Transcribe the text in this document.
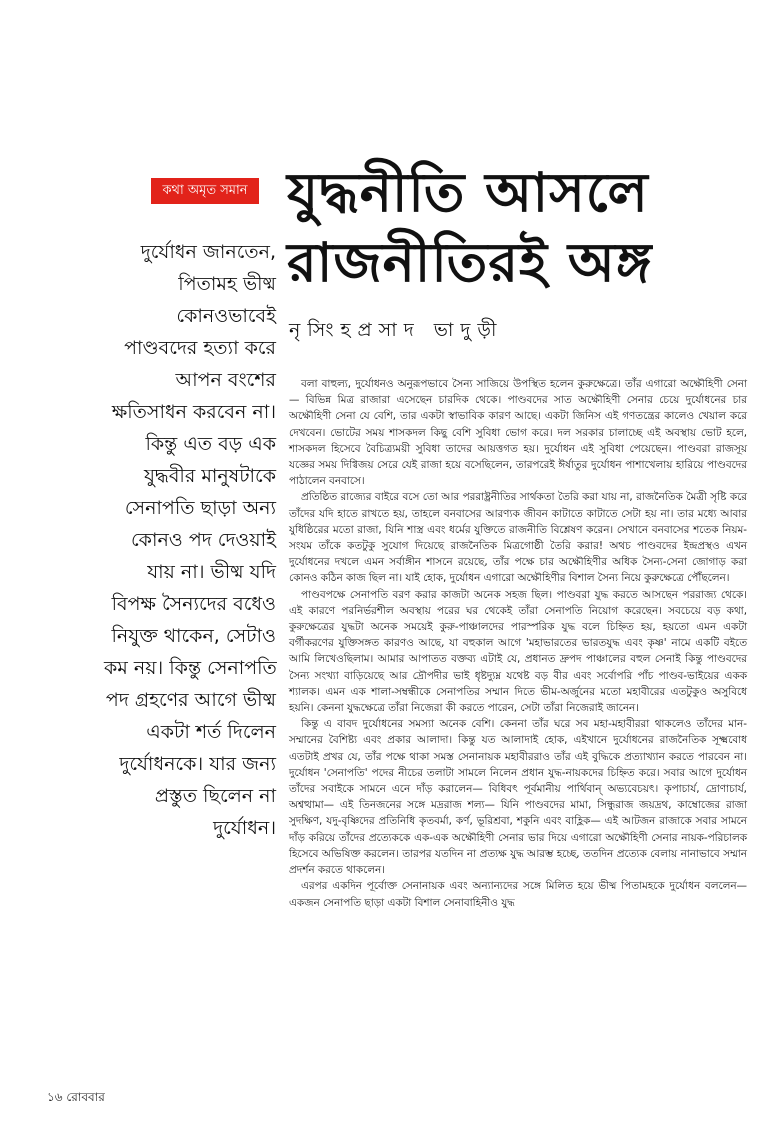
কথা অমৃত সমান যুদ্ধনীতি আসলে
রাজনীতিরই অঙ্গ
নৃসিংহপ্রসাদ ভাদুড়ী
দুর্যোধন জানতেন,
পিতামহ ভীষ্ম
কোনওভাবেই
পাণ্ডবদের হত্যা করে
আপন বংশের
ক্ষতিসাধন করবেন না।
কিন্তু এত বড় এক
যুদ্ধবীর মানুষটাকে
সেনাপতি ছাড়া অন্য
কোনও পদ দেওয়াই
যায় না। ভীষ্ম যদি
বিপক্ষ সৈন্যদের বধেও
নিযুক্ত থাকেন, সেটাও
কম নয়। কিন্তু সেনাপতি
পদ গ্রহণের আগে ভীষ্ম
একটা শর্ত দিলেন
দুর্যোধনকে। যার জন্য
প্রস্তুত ছিলেন না
দুর্যোধন।

বলা বাহুল্য, দুর্যোধনও অনুরূপভাবে সৈন্য সাজিয়ে উপস্থিত হলেন কুরুক্ষেত্রে। তাঁর এগারো অক্ষৌহিণী সেনা— বিভিন্ন মিত্র রাজারা এসেছেন চারদিক থেকে। পাণ্ডবদের সাত অক্ষৌহিণী সেনার চেয়ে দুর্যোধনের চার অক্ষৌহিণী সেনা যে বেশি, তার একটা স্বাভাবিক কারণ আছে। একটা জিনিস এই গণতন্ত্রের কালেও খেয়াল করে দেখবেন। ভোটের সময় শাসকদল কিছু বেশি সুবিধা ভোগ করে। দল সরকার চালাচ্ছে এই অবস্থায় ভোট হলে, শাসকদল হিসেবে বৈচিত্র্যময়ী সুবিধা তাদের আয়ত্তগত হয়। দুর্যোধন এই সুবিধা পেয়েছেন। পাণ্ডবরা রাজসূয় যজ্ঞের সময় দিগ্বিজয় সেরে যেই রাজা হয়ে বসেছিলেন, তারপরেই ঈর্ষাতুর দুর্যোধন পাশাখেলায় হারিয়ে পাণ্ডবদের পাঠালেন বনবাসে।

প্রতিষ্ঠিত রাজ্যের বাইরে বসে তো আর পররাষ্ট্রনীতির সার্থকতা তৈরি করা যায় না, রাজনৈতিক মৈত্রী সৃষ্টি করে তাঁদের যদি হাতে রাখতে হয়, তাহলে বনবাসের আরণ্যক জীবন কাটাতে কাটাতে সেটা হয় না। তার মধ্যে আবার যুধিষ্ঠিরের মতো রাজা, যিনি শাস্ত্র এবং ধর্মের যুক্তিতে রাজনীতি বিশ্লেষণ করেন। সেখানে বনবাসের শতেক নিয়ম-সংযম তাঁকে কতটুকু সুযোগ দিয়েছে রাজনৈতিক মিত্রগোষ্ঠী তৈরি করার! অথচ পাণ্ডবদের ইন্দ্রপ্রস্থও এখন দুর্যোধনের দখলে এমন সর্বাঙ্গীন শাসনে রয়েছে, তাঁর পক্ষে চার অক্ষৌহিণীর অধিক সৈন্য-সেনা জোগাড় করা কোনও কঠিন কাজ ছিল না। যাই হোক, দুর্যোধন এগারো অক্ষৌহিণীর বিশাল সৈন্য নিয়ে কুরুক্ষেত্রে পৌঁছলেন।

পাণ্ডবপক্ষে সেনাপতি বরণ করার কাজটা অনেক সহজ ছিল। পাণ্ডবরা যুদ্ধ করতে আসছেন পররাজ্য থেকে। এই কারণে পরনির্ভরশীল অবস্থায় পরের ঘর থেকেই তাঁরা সেনাপতি নিয়োগ করেছেন। সবচেয়ে বড় কথা, কুরুক্ষেত্রের যুদ্ধটা অনেক সময়েই কুরু-পাঞ্চালদের পারস্পরিক যুদ্ধ বলে চিহ্নিত হয়, হয়তো এমন একটা বর্গীকরণের যুক্তিসঙ্গত কারণও আছে, যা বহুকাল আগে 'মহাভারতের ভারতযুদ্ধ এবং কৃষ্ণ' নামে একটি বইতে আমি লিখেওছিলাম। আমার আপাতত বক্তব্য এটাই যে, প্রধানত দ্রুপদ পাঞ্চালের বহুল সেনাই কিন্তু পাণ্ডবদের সৈন্য সংখ্যা বাড়িয়েছে আর দ্রৌপদীর ভাই ধৃষ্টদ্যুম্ন যথেষ্ট বড় বীর এবং সর্বোপরি পাঁচ পাণ্ডব-ভাইয়ের একক শ্যালক। এমন এক শালা-সম্বন্ধীকে সেনাপতির সম্মান দিতে ভীম-অর্জুনের মতো মহাবীরের এতটুকুও অসুবিধে হয়নি। কেননা যুদ্ধক্ষেত্রে তাঁরা নিজেরা কী করতে পারেন, সেটা তাঁরা নিজেরাই জানেন।

কিন্তু এ বাবদ দুর্যোধনের সমস্যা অনেক বেশি। কেননা তাঁর ঘরে সব মহা-মহাবীররা থাকলেও তাঁদের মান-সম্মানের বৈশিষ্ট্য এবং প্রকার আলাদা। কিন্তু যত আলাদাই হোক, এইখানে দুর্যোধনের রাজনৈতিক সূক্ষ্মবোধ এতটাই প্রখর যে, তাঁর পক্ষে থাকা সমস্ত সেনানায়ক মহাবীররাও তাঁর এই বুদ্ধিকে প্রত্যাখ্যান করতে পারবেন না। দুর্যোধন 'সেনাপতি' পদের নীচের তলাটা সামলে নিলেন প্রধান যুদ্ধ-নায়কদের চিহ্নিত করে। সবার আগে দুর্যোধন তাঁদের সবাইকে সামনে এনে দাঁড় করালেন— বিধিবৎ পূর্বমানীয় পার্থিবান্ অভ্যবেচয়ৎ। কৃপাচার্য, দ্রোণাচার্য, অশ্বত্থামা— এই তিনজনের সঙ্গে মদ্ররাজ শল্য— যিনি পাণ্ডবদের মামা, সিন্ধুরাজ জয়দ্রথ, কাম্বোজের রাজা সুদক্ষিণ, যদু-বৃষ্ণিদের প্রতিনিধি কৃতবর্মা, কর্ণ, ভূরিশ্রবা, শকুনি এবং বাহ্লিক— এই আটজন রাজাকে সবার সামনে দাঁড় করিয়ে তাঁদের প্রত্যেককে এক-এক অক্ষৌহিণী সেনার ভার দিয়ে এগারো অক্ষৌহিণী সেনার নায়ক-পরিচালক হিসেবে অভিষিক্ত করলেন। তারপর যতদিন না প্রত্যক্ষ যুদ্ধ আরম্ভ হচ্ছে, ততদিন প্রত্যেক বেলায় নানাভাবে সম্মান প্রদর্শন করতে থাকলেন।

এরপর একদিন পূর্বোক্ত সেনানায়ক এবং অন্যান্যদের সঙ্গে মিলিত হয়ে ভীষ্ম পিতামহকে দুর্যোধন বললেন— একজন সেনাপতি ছাড়া একটা বিশাল সেনাবাহিনীও যুদ্ধ

১৬ রোববার
